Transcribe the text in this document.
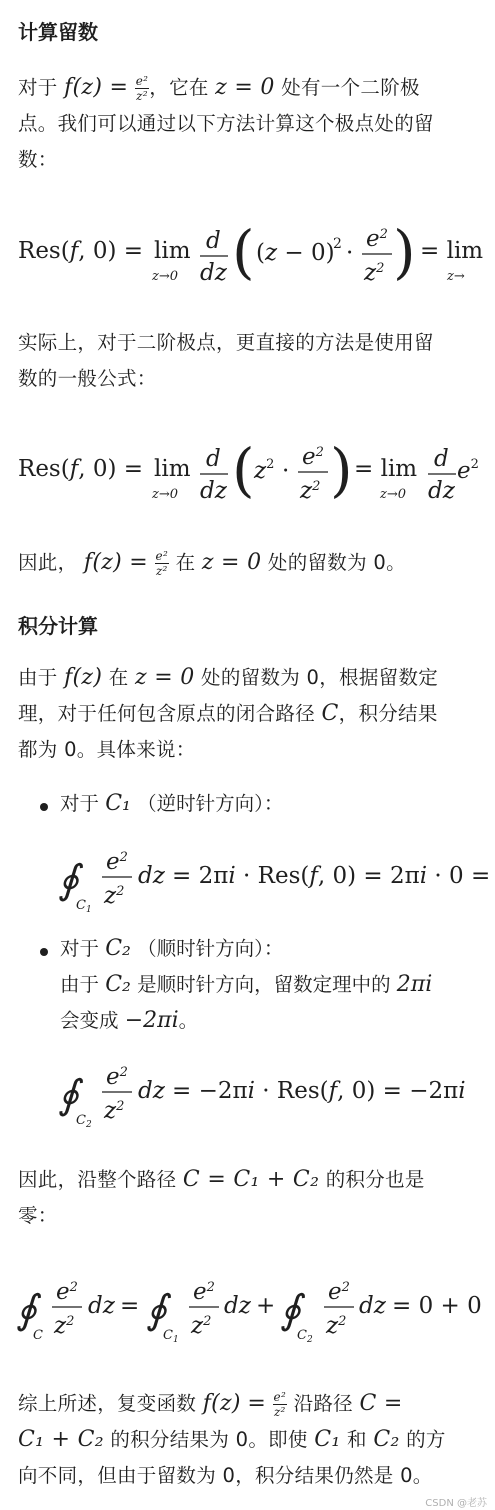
计算留数
对于 $f(z) = \frac{\text{e²}}{\text{z²}}$ ，它在 z = 0 处有一个二阶极
点。我们可以通过以下方法计算这个极点处的留
数：
Res(f, 0) = lim
z→0
d
dz ( (z − 0)
2 ·
$e^2$
$z^2$ ) = lim
z→
实际上，对于二阶极点，更直接的方法是使用留
数的一般公式：
Res(f, 0) = lim
z→0
d
dz ( $z^2$ ·
$e^2$
$z^2$ ) = lim
z→0
d
dz
$e^2$
因此， $f(z) = \frac{\text{e²}}{\text{z²}}$ 在 z = 0 处的留数为 0。
积分计算
由于 f(z) 在 z = 0 处的留数为 0，根据留数定
理，对于任何包含原点的闭合路径 C，积分结果
都为 0。具体来说：
对于 C₁ （逆时针方向）：
∮
$C_1$
$e^2$
$z^2$
dz = 2πi · Res(f, 0) = 2πi · 0 =
对于 C₂ （顺时针方向）：
由于 C₂ 是顺时针方向，留数定理中的 2πi
会变成 −2πi。
∮
$C_2$
$e^2$
$z^2$
dz = −2πi · Res(f, 0) = −2πi
因此，沿整个路径 C = C₁ + C₂ 的积分也是
零：
∮
C
$e^2$
$z^2$
dz = ∮
$C_1$
$e^2$
$z^2$
dz + ∮
$C_2$
$e^2$
$z^2$
dz = 0 + 0
综上所述，复变函数 $f(z) = \frac{\text{e²}}{\text{z²}}$ 沿路径 C =
C₁ + C₂ 的积分结果为 0。即使 C₁ 和 C₂ 的方
向不同，但由于留数为 0，积分结果仍然是 0。
CSDN @老苏
